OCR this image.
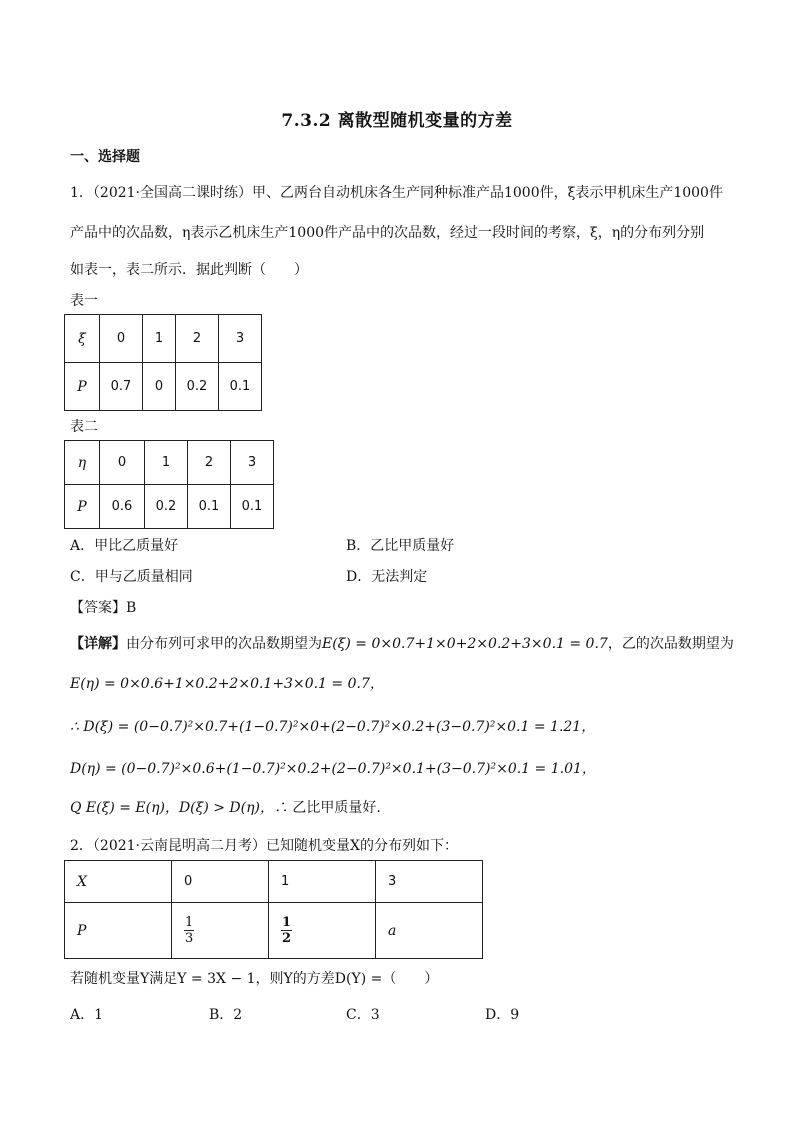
7.3.2 离散型随机变量的方差
一、选择题
1．（2021·全国高二课时练）甲、乙两台自动机床各生产同种标准产品1000件，ξ表示甲机床生产1000件
产品中的次品数，η表示乙机床生产1000件产品中的次品数，经过一段时间的考察，ξ，η的分布列分别
如表一，表二所示．据此判断（　　）
表一
ξ	0	1	2	3
P	0.7	0	0.2	0.1
表二
η	0	1	2	3
P	0.6	0.2	0.1	0.1
A．甲比乙质量好	B．乙比甲质量好
C．甲与乙质量相同	D．无法判定
【答案】B
【详解】由分布列可求甲的次品数期望为E(ξ) = 0×0.7+1×0+2×0.2+3×0.1 = 0.7，乙的次品数期望为
E(η) = 0×0.6+1×0.2+2×0.1+3×0.1 = 0.7，
∴ D(ξ) = (0−0.7)²×0.7+(1−0.7)²×0+(2−0.7)²×0.2+(3−0.7)²×0.1 = 1.21，
D(η) = (0−0.7)²×0.6+(1−0.7)²×0.2+(2−0.7)²×0.1+(3−0.7)²×0.1 = 1.01，
Q E(ξ) = E(η)，D(ξ) > D(η)，∴ 乙比甲质量好.
2．（2021·云南昆明高二月考）已知随机变量X的分布列如下：
X	0	1	3
P	$\frac{1}{3}$	$\frac{1}{2}$	a
若随机变量Y满足Y = 3X − 1，则Y的方差D(Y) =（　　）
A．1	B．2	C．3	D．9
